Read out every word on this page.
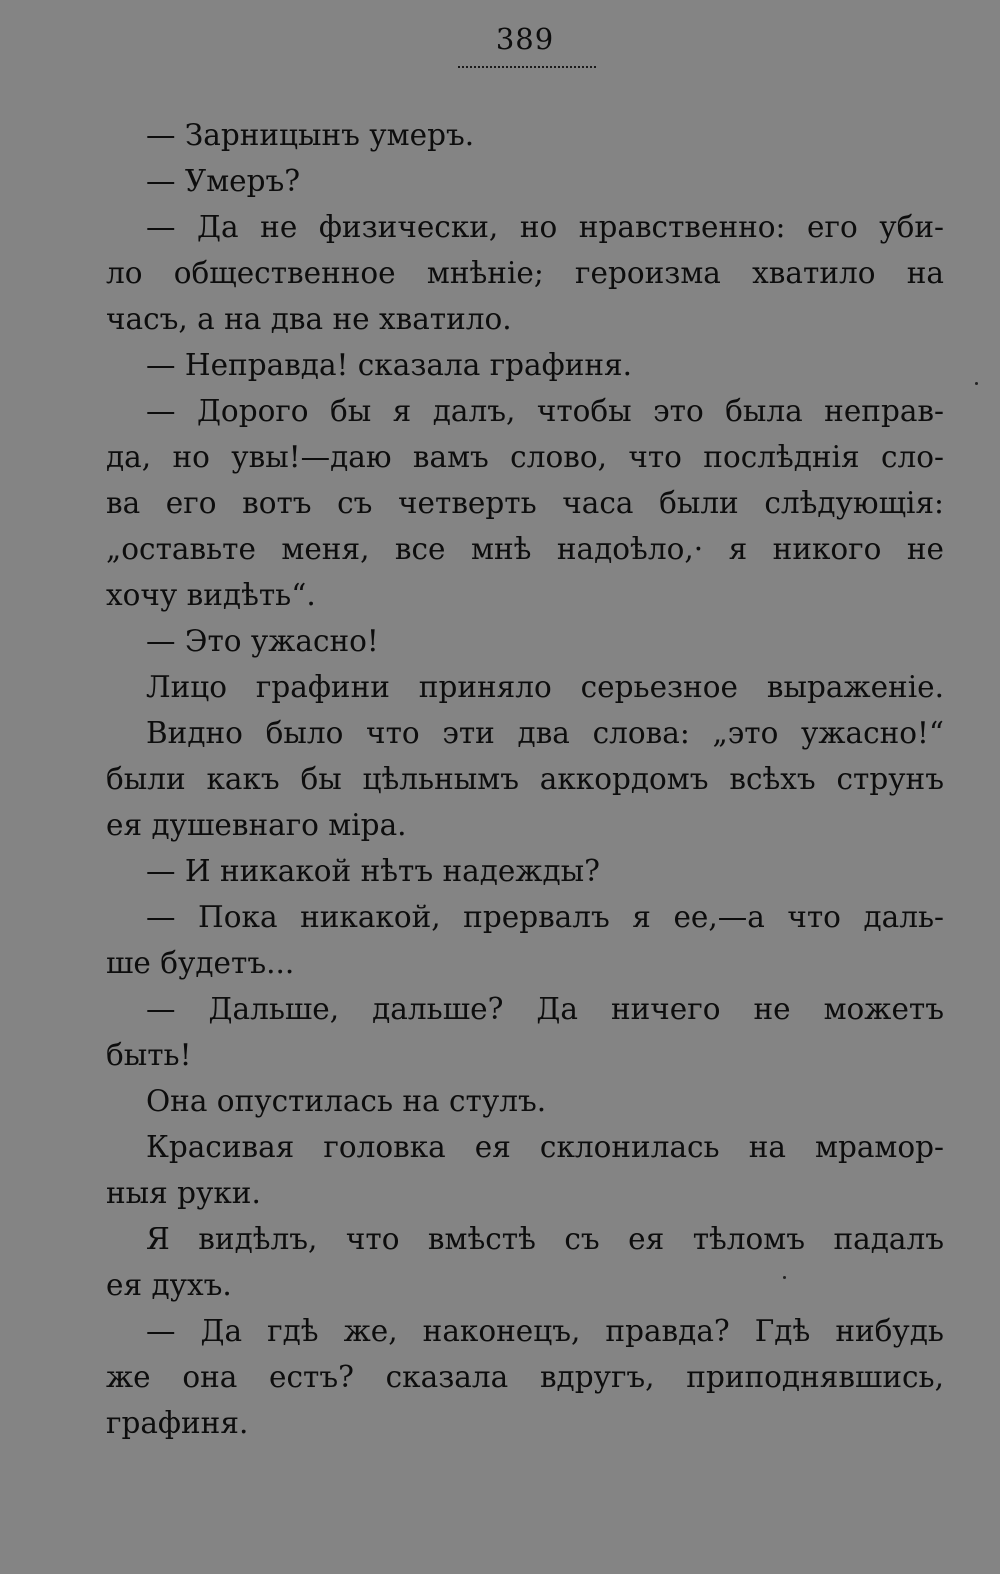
389
— Зарницынъ умеръ.
— Умеръ?
— Да не физически, но нравственно: его уби-
ло общественное мнѣніе; героизма хватило на
часъ, а на два не хватило.
— Неправда! сказала графиня.
— Дорого бы я далъ, чтобы это была неправ-
да, но увы!—даю вамъ слово, что послѣднія сло-
ва его вотъ съ четверть часа были слѣдующія:
„оставьте меня, все мнѣ надоѣло,· я никого не
хочу видѣть“.
— Это ужасно!
Лицо графини приняло серьезное выраженіе.
Видно было что эти два слова: „это ужасно!“
были какъ бы цѣльнымъ аккордомъ всѣхъ струнъ
ея душевнаго міра.
— И никакой нѣтъ надежды?
— Пока никакой, прервалъ я ее,—а что даль-
ше будетъ...
— Дальше, дальше? Да ничего не можетъ
быть!
Она опустилась на стулъ.
Красивая головка ея склонилась на мрамор-
ныя руки.
Я видѣлъ, что вмѣстѣ съ ея тѣломъ падалъ
ея духъ.
— Да гдѣ же, наконецъ, правда? Гдѣ нибудь
же она естъ? сказала вдругъ, приподнявшись,
графиня.
